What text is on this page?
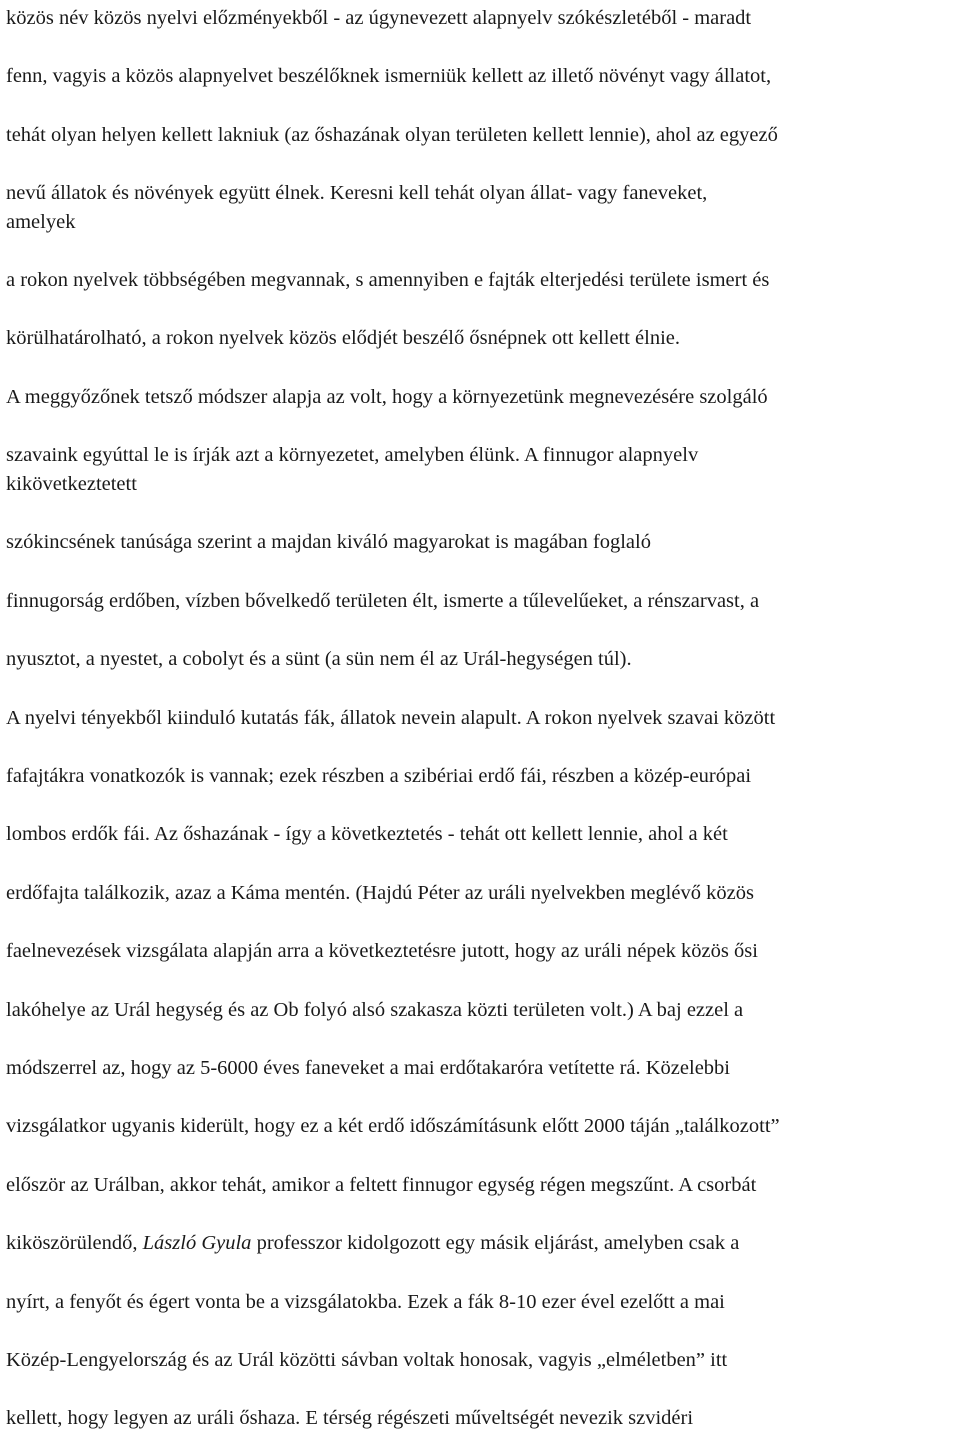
közös név közös nyelvi előzményekből - az úgynevezett alapnyelv szókészletéből - maradt
fenn, vagyis a közös alapnyelvet beszélőknek ismerniük kellett az illető növényt vagy állatot,
tehát olyan helyen kellett lakniuk (az őshazának olyan területen kellett lennie), ahol az egyező
nevű állatok és növények együtt élnek. Keresni kell tehát olyan állat- vagy faneveket,
amelyek
a rokon nyelvek többségében megvannak, s amennyiben e fajták elterjedési területe ismert és
körülhatárolható, a rokon nyelvek közös elődjét beszélő ősnépnek ott kellett élnie.
A meggyőzőnek tetsző módszer alapja az volt, hogy a környezetünk megnevezésére szolgáló
szavaink egyúttal le is írják azt a környezetet, amelyben élünk. A finnugor alapnyelv
kikövetkeztetett
szókincsének tanúsága szerint a majdan kiváló magyarokat is magában foglaló
finnugorság erdőben, vízben bővelkedő területen élt, ismerte a tűlevelűeket, a rénszarvast, a
nyusztot, a nyestet, a cobolyt és a sünt (a sün nem él az Urál-hegységen túl).
A nyelvi tényekből kiinduló kutatás fák, állatok nevein alapult. A rokon nyelvek szavai között
fafajtákra vonatkozók is vannak; ezek részben a szibériai erdő fái, részben a közép-európai
lombos erdők fái. Az őshazának - így a következtetés - tehát ott kellett lennie, ahol a két
erdőfajta találkozik, azaz a Káma mentén. (Hajdú Péter az uráli nyelvekben meglévő közös
faelnevezések vizsgálata alapján arra a következtetésre jutott, hogy az uráli népek közös ősi
lakóhelye az Urál hegység és az Ob folyó alsó szakasza közti területen volt.) A baj ezzel a
módszerrel az, hogy az 5-6000 éves faneveket a mai erdőtakaróra vetítette rá. Közelebbi
vizsgálatkor ugyanis kiderült, hogy ez a két erdő időszámításunk előtt 2000 táján „találkozott”
először az Urálban, akkor tehát, amikor a feltett finnugor egység régen megszűnt. A csorbát
kiköszörülendő, László Gyula professzor kidolgozott egy másik eljárást, amelyben csak a
nyírt, a fenyőt és égert vonta be a vizsgálatokba. Ezek a fák 8-10 ezer ével ezelőtt a mai
Közép-Lengyelország és az Urál közötti sávban voltak honosak, vagyis „elméletben” itt
kellett, hogy legyen az uráli őshaza. E térség régészeti műveltségét nevezik szvidéri
